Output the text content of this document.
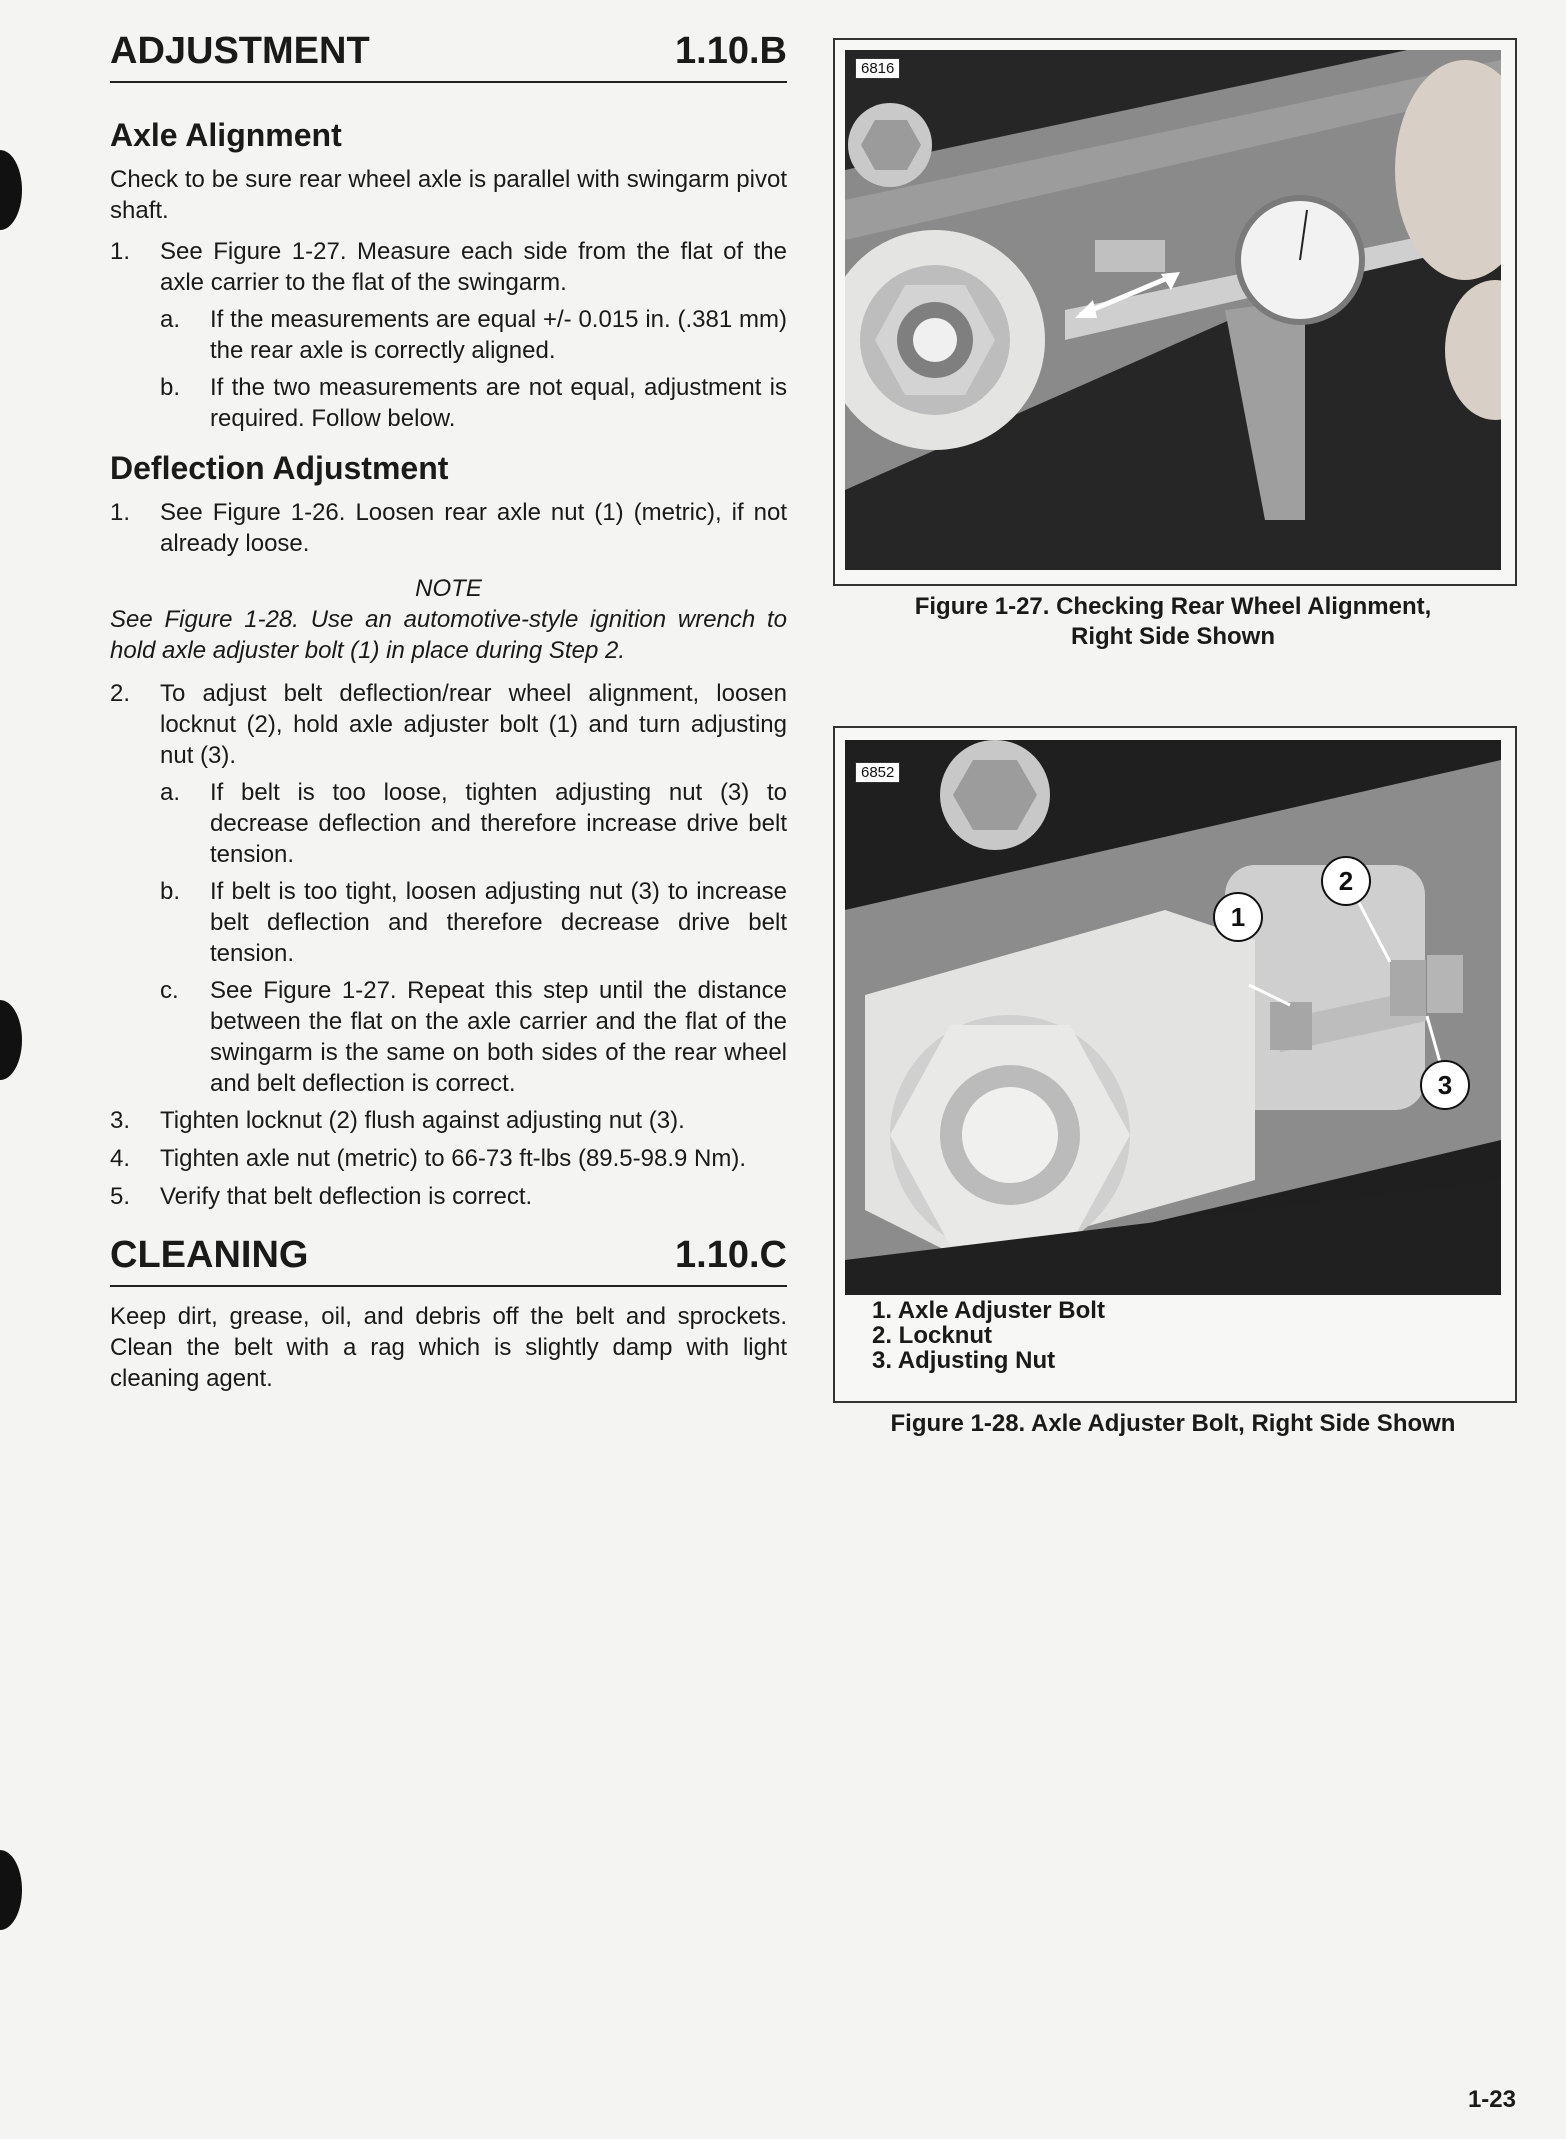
ADJUSTMENT	1.10.B
Axle Alignment

Check to be sure rear wheel axle is parallel with swingarm pivot shaft.

1.	See Figure 1-27. Measure each side from the flat of the axle carrier to the flat of the swingarm.
a.	If the measurements are equal +/- 0.015 in. (.381 mm) the rear axle is correctly aligned.
b.	If the two measurements are not equal, adjustment is required. Follow below.
Deflection Adjustment
1.	See Figure 1-26. Loosen rear axle nut (1) (metric), if not already loose.
NOTE
See Figure 1-28. Use an automotive-style ignition wrench to hold axle adjuster bolt (1) in place during Step 2.
2.	To adjust belt deflection/rear wheel alignment, loosen locknut (2), hold axle adjuster bolt (1) and turn adjusting nut (3).
a.	If belt is too loose, tighten adjusting nut (3) to decrease deflection and therefore increase drive belt tension.
b.	If belt is too tight, loosen adjusting nut (3) to increase belt deflection and therefore decrease drive belt tension.
c.	See Figure 1-27. Repeat this step until the distance between the flat on the axle carrier and the flat of the swingarm is the same on both sides of the rear wheel and belt deflection is correct.
3.	Tighten locknut (2) flush against adjusting nut (3).
4.	Tighten axle nut (metric) to 66-73 ft-lbs (89.5-98.9 Nm).
5.	Verify that belt deflection is correct.
CLEANING	1.10.C

Keep dirt, grease, oil, and debris off the belt and sprockets. Clean the belt with a rag which is slightly damp with light cleaning agent.

6816
Figure 1-27. Checking Rear Wheel Alignment,
Right Side Shown
6852
1
2
3
1. Axle Adjuster Bolt
2. Locknut
3. Adjusting Nut
Figure 1-28. Axle Adjuster Bolt, Right Side Shown
1-23
